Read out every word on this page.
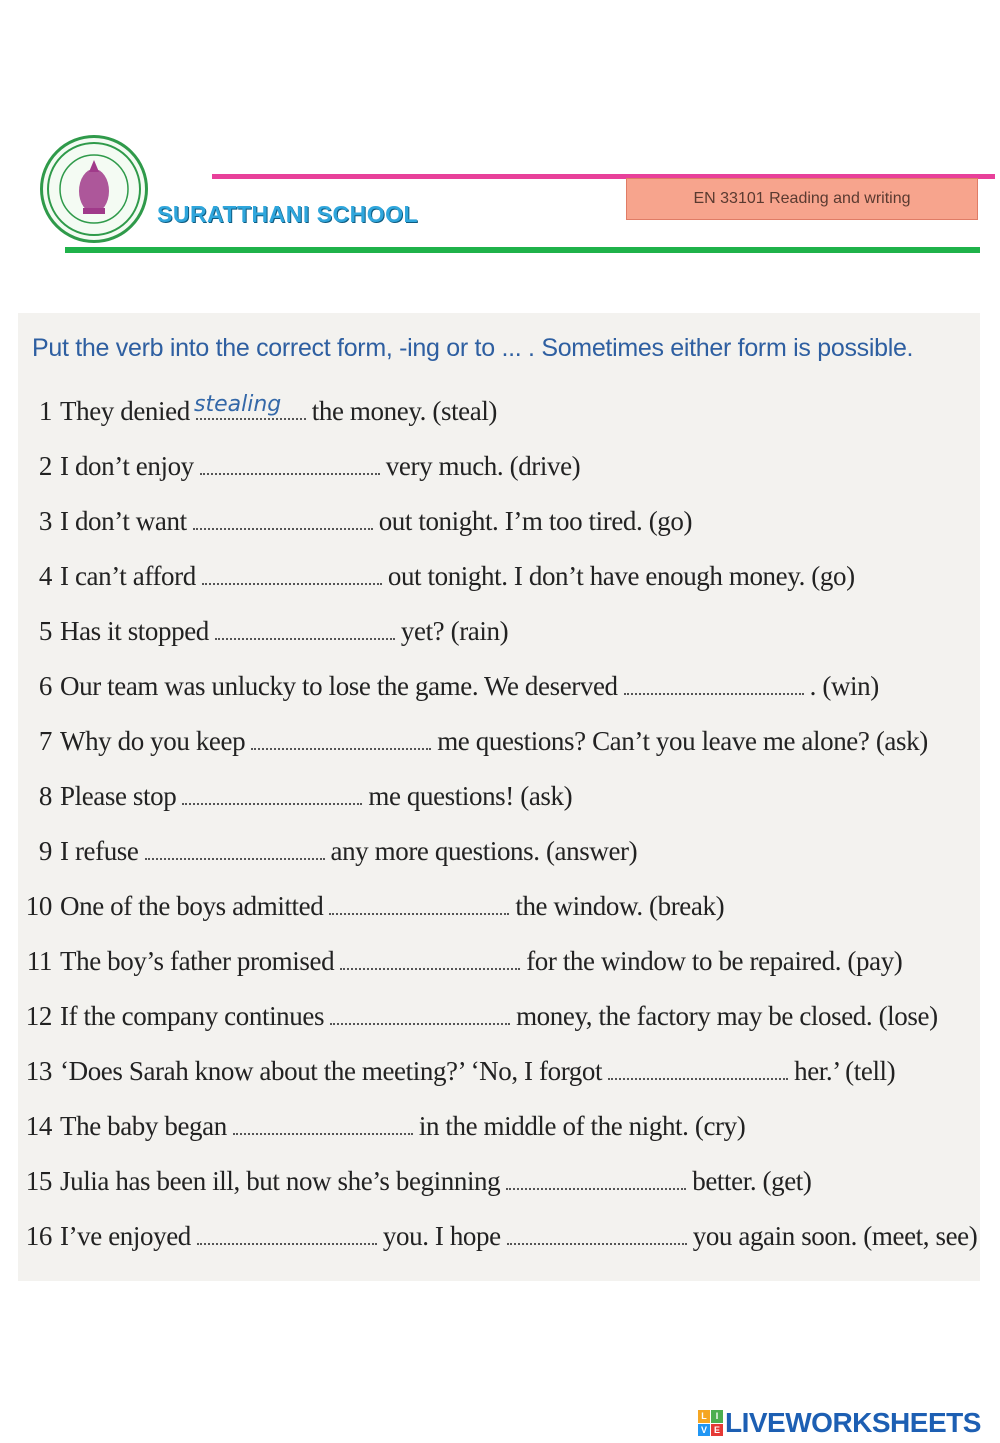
SURATTHANI SCHOOL
EN 33101 Reading and writing
Put the verb into the correct form, -ing or to ... . Sometimes either form is possible.
stealing
1 They denied	the money. (steal)
2 I don’t enjoy	very much. (drive)
3 I don’t want	out tonight. I’m too tired. (go)
4 I can’t afford	out tonight. I don’t have enough money. (go)
5 Has it stopped	yet? (rain)
6 Our team was unlucky to lose the game. We deserved	. (win)
7 Why do you keep	me questions? Can’t you leave me alone? (ask)
8 Please stop	me questions! (ask)
9 I refuse	any more questions. (answer)
10 One of the boys admitted	the window. (break)
11 The boy’s father promised	for the window to be repaired. (pay)
12 If the company continues	money, the factory may be closed. (lose)
13 ‘Does Sarah know about the meeting?’ ‘No, I forgot	her.’ (tell)
14 The baby began	in the middle of the night. (cry)
15 Julia has been ill, but now she’s beginning	better. (get)
16 I’ve enjoyed	you. I hope	you again soon. (meet, see)
L I
V E LIVEWORKSHEETS
